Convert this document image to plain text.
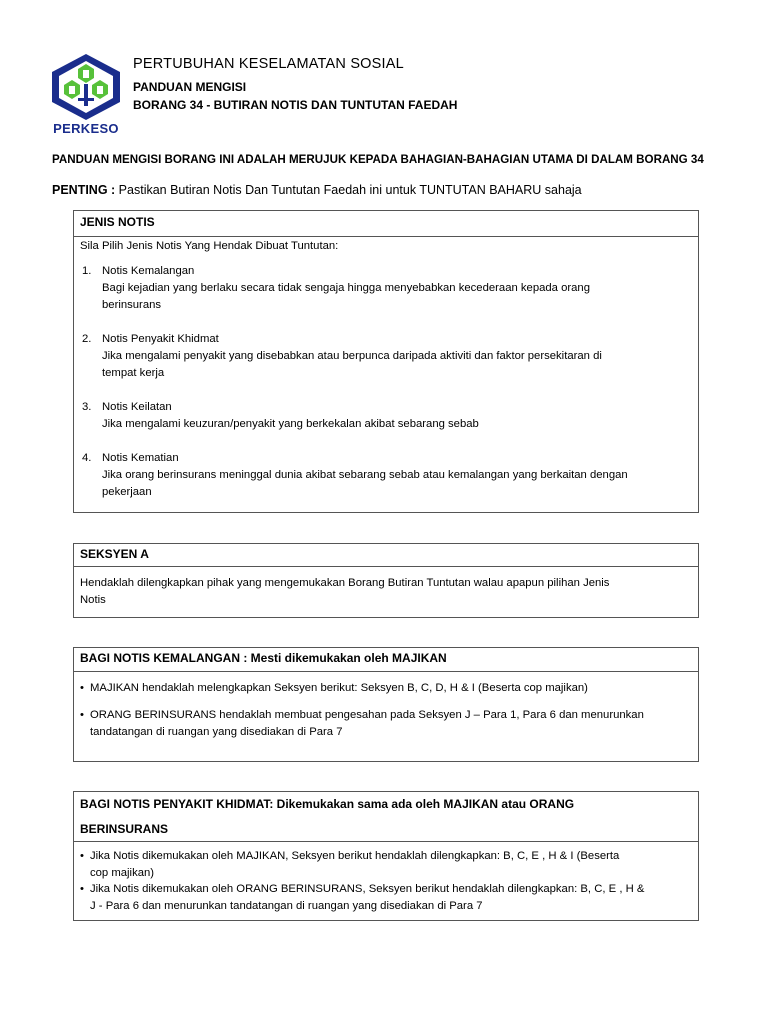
PERKESO
PERTUBUHAN KESELAMATAN SOSIAL
PANDUAN MENGISI
BORANG 34 - BUTIRAN NOTIS DAN TUNTUTAN FAEDAH
PANDUAN MENGISI BORANG INI ADALAH MERUJUK KEPADA BAHAGIAN-BAHAGIAN UTAMA DI DALAM BORANG 34
PENTING : Pastikan Butiran Notis Dan Tuntutan Faedah ini untuk TUNTUTAN BAHARU sahaja
JENIS NOTIS
Sila Pilih Jenis Notis Yang Hendak Dibuat Tuntutan:
1. Notis Kemalangan
Bagi kejadian yang berlaku secara tidak sengaja hingga menyebabkan kecederaan kepada orang
berinsurans
2. Notis Penyakit Khidmat
Jika mengalami penyakit yang disebabkan atau berpunca daripada aktiviti dan faktor persekitaran di
tempat kerja
3. Notis Keilatan
Jika mengalami keuzuran/penyakit yang berkekalan akibat sebarang sebab
4. Notis Kematian
Jika orang berinsurans meninggal dunia akibat sebarang sebab atau kemalangan yang berkaitan dengan
pekerjaan
SEKSYEN A
Hendaklah dilengkapkan pihak yang mengemukakan Borang Butiran Tuntutan walau apapun pilihan Jenis
Notis
BAGI NOTIS KEMALANGAN : Mesti dikemukakan oleh MAJIKAN
• MAJIKAN hendaklah melengkapkan Seksyen berikut: Seksyen B, C, D, H & I (Beserta cop majikan)
• ORANG BERINSURANS hendaklah membuat pengesahan pada Seksyen J – Para 1, Para 6 dan menurunkan
tandatangan di ruangan yang disediakan di Para 7
BAGI NOTIS PENYAKIT KHIDMAT: Dikemukakan sama ada oleh MAJIKAN atau ORANG
BERINSURANS
• Jika Notis dikemukakan oleh MAJIKAN, Seksyen berikut hendaklah dilengkapkan: B, C, E , H & I (Beserta
cop majikan)
• Jika Notis dikemukakan oleh ORANG BERINSURANS, Seksyen berikut hendaklah dilengkapkan: B, C, E , H &
J - Para 6 dan menurunkan tandatangan di ruangan yang disediakan di Para 7
